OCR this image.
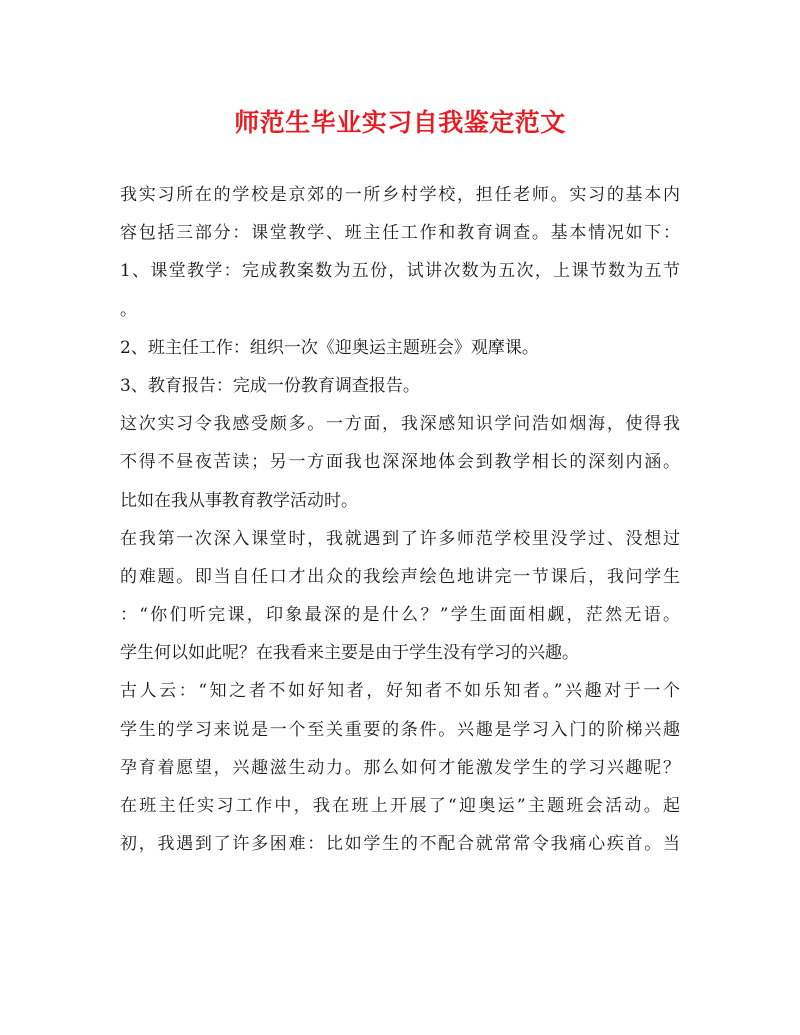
师范生毕业实习自我鉴定范文
我实习所在的学校是京郊的一所乡村学校，担任老师。实习的基本内
容包括三部分：课堂教学、班主任工作和教育调查。基本情况如下：
1、课堂教学：完成教案数为五份，试讲次数为五次，上课节数为五节
。
2、班主任工作：组织一次《迎奥运主题班会》观摩课。
3、教育报告：完成一份教育调查报告。
这次实习令我感受颇多。一方面，我深感知识学问浩如烟海，使得我
不得不昼夜苦读；另一方面我也深深地体会到教学相长的深刻内涵。
比如在我从事教育教学活动时。
在我第一次深入课堂时，我就遇到了许多师范学校里没学过、没想过
的难题。即当自任口才出众的我绘声绘色地讲完一节课后，我问学生
：“你们听完课，印象最深的是什么？”学生面面相觑，茫然无语。
学生何以如此呢？在我看来主要是由于学生没有学习的兴趣。
古人云：“知之者不如好知者，好知者不如乐知者。”兴趣对于一个
学生的学习来说是一个至关重要的条件。兴趣是学习入门的阶梯兴趣
孕育着愿望，兴趣滋生动力。那么如何才能激发学生的学习兴趣呢？
在班主任实习工作中，我在班上开展了“迎奥运”主题班会活动。起
初，我遇到了许多困难：比如学生的不配合就常常令我痛心疾首。当
